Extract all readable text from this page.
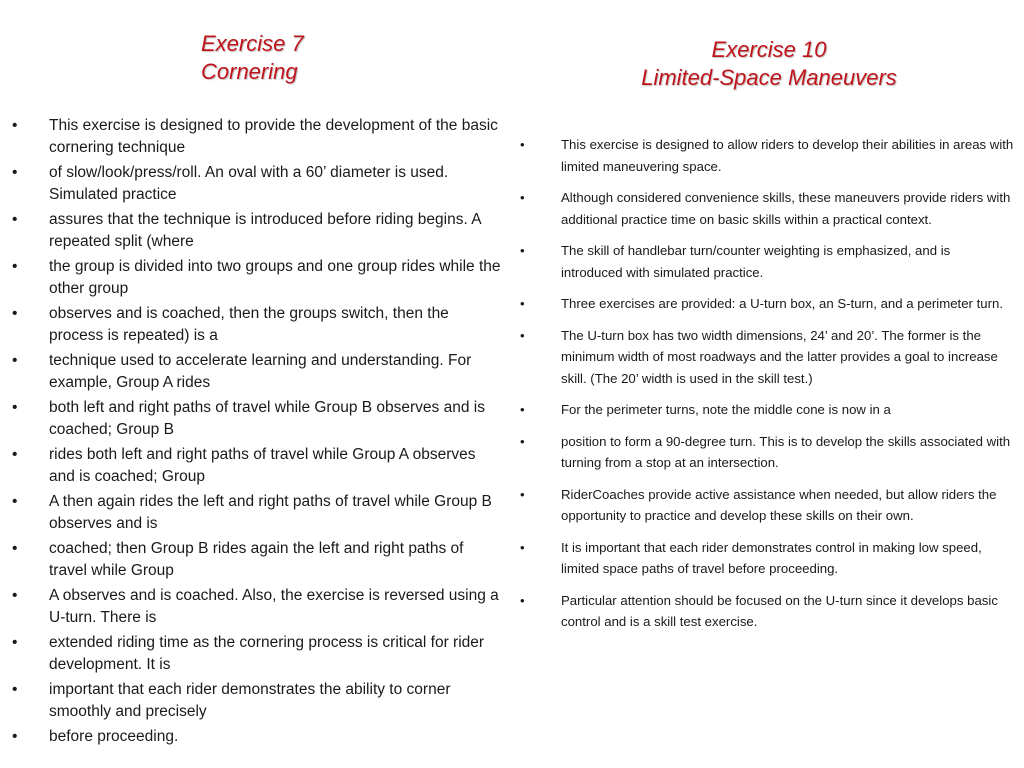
Exercise 7
Cornering
Exercise 10
Limited-Space Maneuvers
• This exercise is designed to provide the development of the basic cornering technique
• of slow/look/press/roll. An oval with a 60’ diameter is used. Simulated practice
• assures that the technique is introduced before riding begins. A repeated split (where
• the group is divided into two groups and one group rides while the other group
• observes and is coached, then the groups switch, then the process is repeated) is a
• technique used to accelerate learning and understanding. For example, Group A rides
• both left and right paths of travel while Group B observes and is coached; Group B
• rides both left and right paths of travel while Group A observes and is coached; Group
• A then again rides the left and right paths of travel while Group B observes and is
• coached; then Group B rides again the left and right paths of travel while Group
• A observes and is coached. Also, the exercise is reversed using a U-turn. There is
• extended riding time as the cornering process is critical for rider development. It is
• important that each rider demonstrates the ability to corner smoothly and precisely
• before proceeding.
•	This exercise is designed to allow riders to develop their abilities in areas with limited maneuvering space.
•	Although considered convenience skills, these maneuvers provide riders with additional practice time on basic skills within a practical context.
•	The skill of handlebar turn/counter weighting is emphasized, and is introduced with simulated practice.
•	Three exercises are provided: a U-turn box, an S-turn, and a perimeter turn.
•	The U-turn box has two width dimensions, 24’ and 20’. The former is the minimum width of most roadways and the latter provides a goal to increase skill. (The 20’ width is used in the skill test.)
•	For the perimeter turns, note the middle cone is now in a
•	position to form a 90-degree turn. This is to develop the skills associated with turning from a stop at an intersection.
•	RiderCoaches provide active assistance when needed, but allow riders the opportunity to practice and develop these skills on their own.
•	It is important that each rider demonstrates control in making low speed, limited space paths of travel before proceeding.
•	Particular attention should be focused on the U-turn since it develops basic control and is a skill test exercise.
